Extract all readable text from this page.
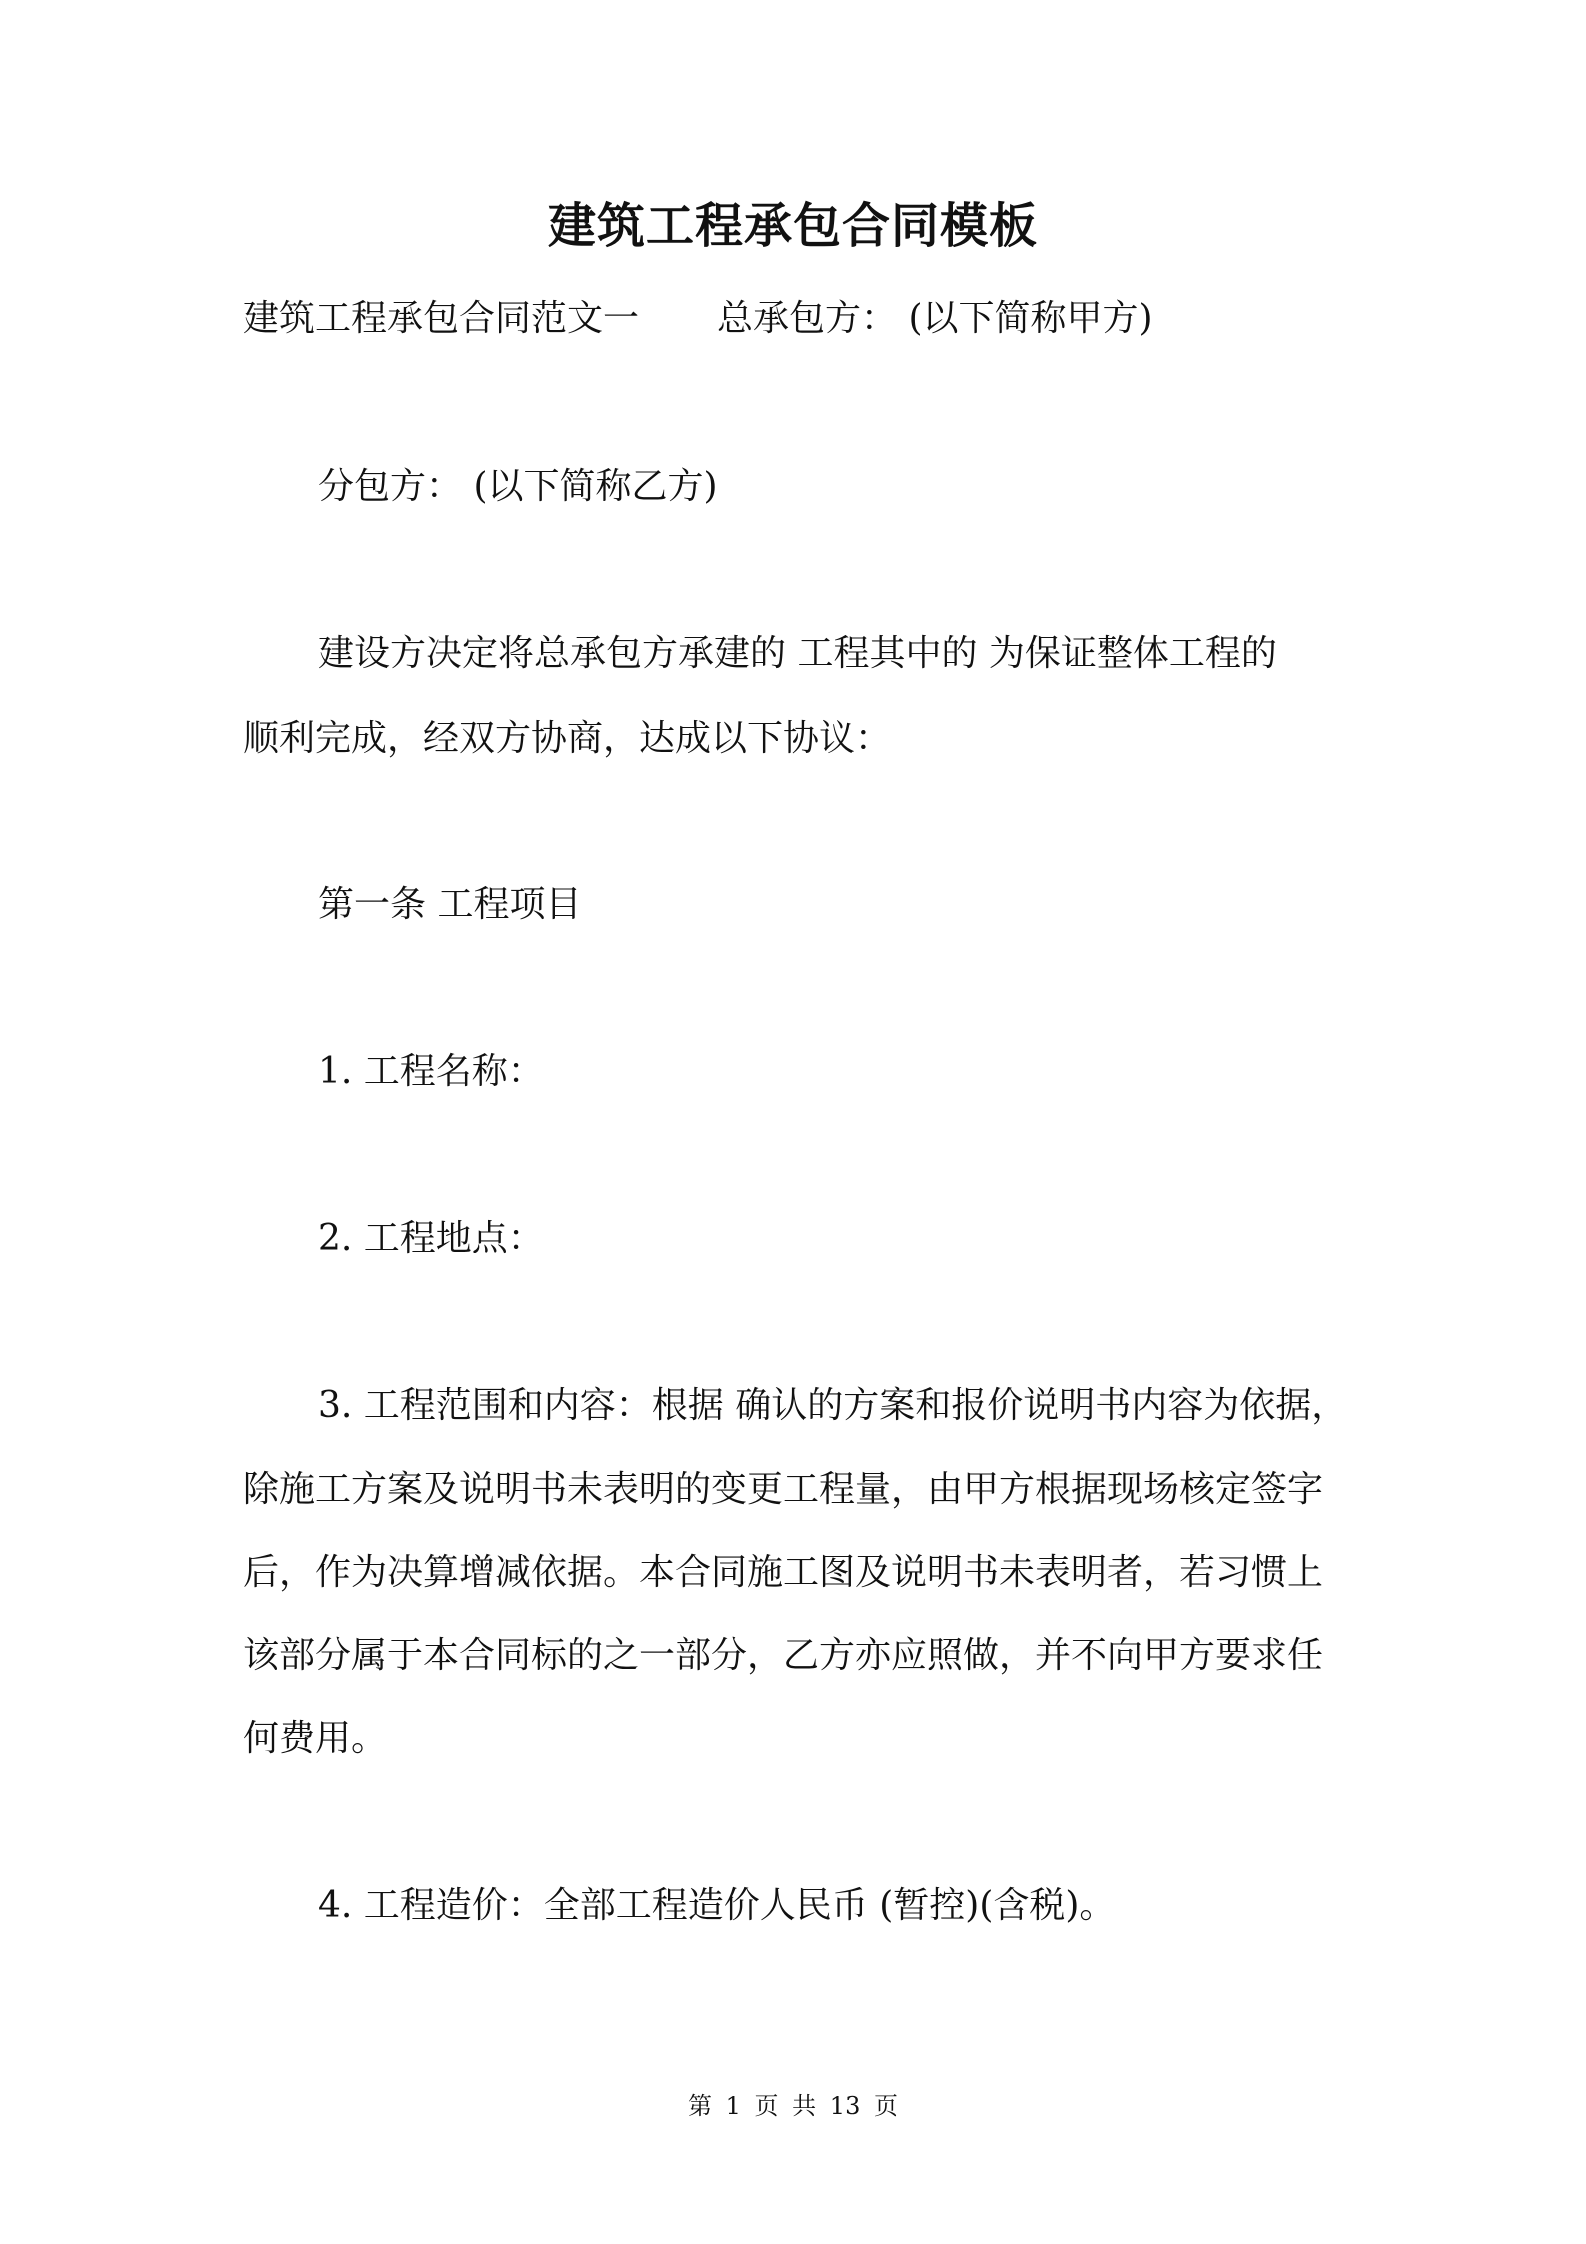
建筑工程承包合同模板
建筑工程承包合同范文一 总承包方： (以下简称甲方)
分包方： (以下简称乙方)
建设方决定将总承包方承建的 工程其中的 为保证整体工程的
顺利完成，经双方协商，达成以下协议：
第一条 工程项目
1. 工程名称：
2. 工程地点：
3. 工程范围和内容：根据 确认的方案和报价说明书内容为依据，
除施工方案及说明书未表明的变更工程量，由甲方根据现场核定签字
后，作为决算增减依据。本合同施工图及说明书未表明者，若习惯上
该部分属于本合同标的之一部分，乙方亦应照做，并不向甲方要求任
何费用。
4. 工程造价：全部工程造价人民币 (暂控)(含税)。
第 1 页 共 13 页
